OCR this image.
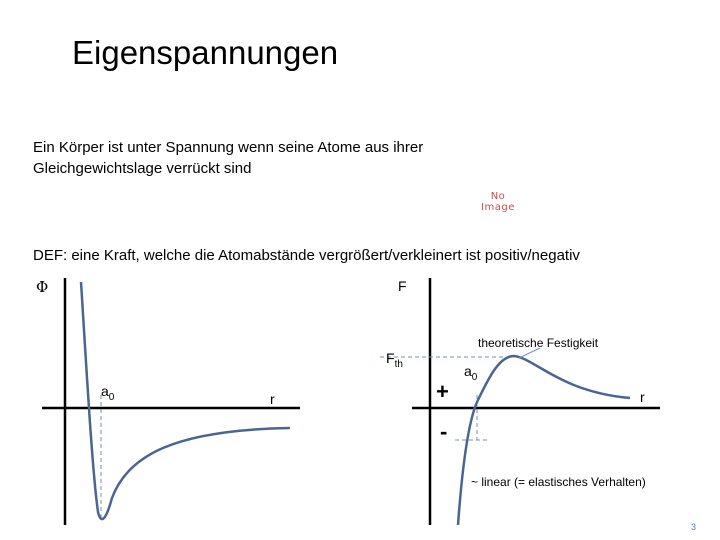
Eigenspannungen
Ein Körper ist unter Spannung wenn seine Atome aus ihrer
Gleichgewichtslage verrückt sind
No
Image
DEF: eine Kraft, welche die Atomabstände vergrößert/verkleinert ist positiv/negativ
Φ
$a_0$	r
F
$F_{th}$
theoretische Festigkeit
$a_0$
r
+
-
~ linear (= elastisches Verhalten)
3
